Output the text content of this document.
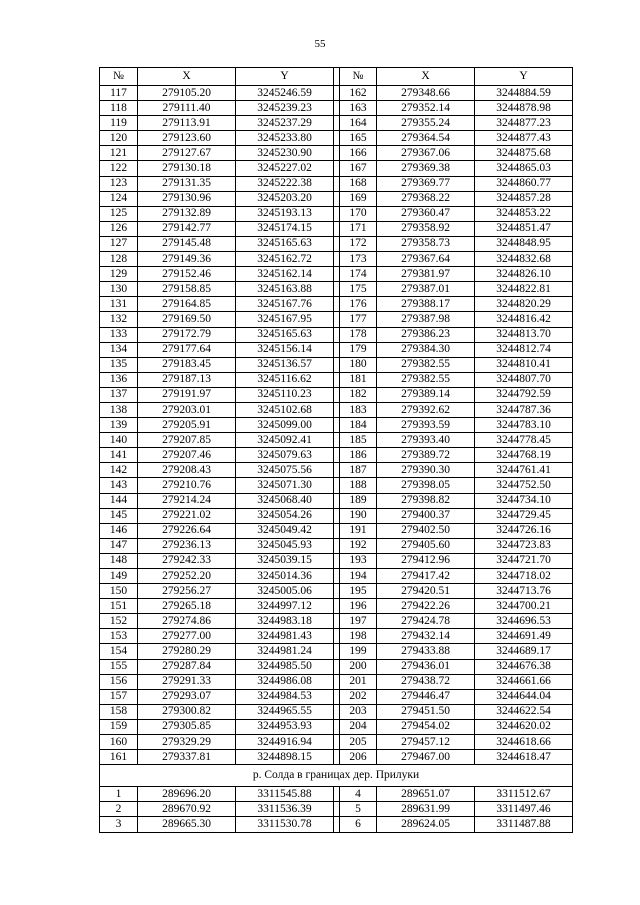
55
№	X	Y		№	X	Y
117	279105.20	3245246.59		162	279348.66	3244884.59
118	279111.40	3245239.23		163	279352.14	3244878.98
119	279113.91	3245237.29		164	279355.24	3244877.23
120	279123.60	3245233.80		165	279364.54	3244877.43
121	279127.67	3245230.90		166	279367.06	3244875.68
122	279130.18	3245227.02		167	279369.38	3244865.03
123	279131.35	3245222.38		168	279369.77	3244860.77
124	279130.96	3245203.20		169	279368.22	3244857.28
125	279132.89	3245193.13		170	279360.47	3244853.22
126	279142.77	3245174.15		171	279358.92	3244851.47
127	279145.48	3245165.63		172	279358.73	3244848.95
128	279149.36	3245162.72		173	279367.64	3244832.68
129	279152.46	3245162.14		174	279381.97	3244826.10
130	279158.85	3245163.88		175	279387.01	3244822.81
131	279164.85	3245167.76		176	279388.17	3244820.29
132	279169.50	3245167.95		177	279387.98	3244816.42
133	279172.79	3245165.63		178	279386.23	3244813.70
134	279177.64	3245156.14		179	279384.30	3244812.74
135	279183.45	3245136.57		180	279382.55	3244810.41
136	279187.13	3245116.62		181	279382.55	3244807.70
137	279191.97	3245110.23		182	279389.14	3244792.59
138	279203.01	3245102.68		183	279392.62	3244787.36
139	279205.91	3245099.00		184	279393.59	3244783.10
140	279207.85	3245092.41		185	279393.40	3244778.45
141	279207.46	3245079.63		186	279389.72	3244768.19
142	279208.43	3245075.56		187	279390.30	3244761.41
143	279210.76	3245071.30		188	279398.05	3244752.50
144	279214.24	3245068.40		189	279398.82	3244734.10
145	279221.02	3245054.26		190	279400.37	3244729.45
146	279226.64	3245049.42		191	279402.50	3244726.16
147	279236.13	3245045.93		192	279405.60	3244723.83
148	279242.33	3245039.15		193	279412.96	3244721.70
149	279252.20	3245014.36		194	279417.42	3244718.02
150	279256.27	3245005.06		195	279420.51	3244713.76
151	279265.18	3244997.12		196	279422.26	3244700.21
152	279274.86	3244983.18		197	279424.78	3244696.53
153	279277.00	3244981.43		198	279432.14	3244691.49
154	279280.29	3244981.24		199	279433.88	3244689.17
155	279287.84	3244985.50		200	279436.01	3244676.38
156	279291.33	3244986.08		201	279438.72	3244661.66
157	279293.07	3244984.53		202	279446.47	3244644.04
158	279300.82	3244965.55		203	279451.50	3244622.54
159	279305.85	3244953.93		204	279454.02	3244620.02
160	279329.29	3244916.94		205	279457.12	3244618.66
161	279337.81	3244898.15		206	279467.00	3244618.47
р. Солда в границах дер. Прилуки						
1	289696.20	3311545.88		4	289651.07	3311512.67
2	289670.92	3311536.39		5	289631.99	3311497.46
3	289665.30	3311530.78		6	289624.05	3311487.88
